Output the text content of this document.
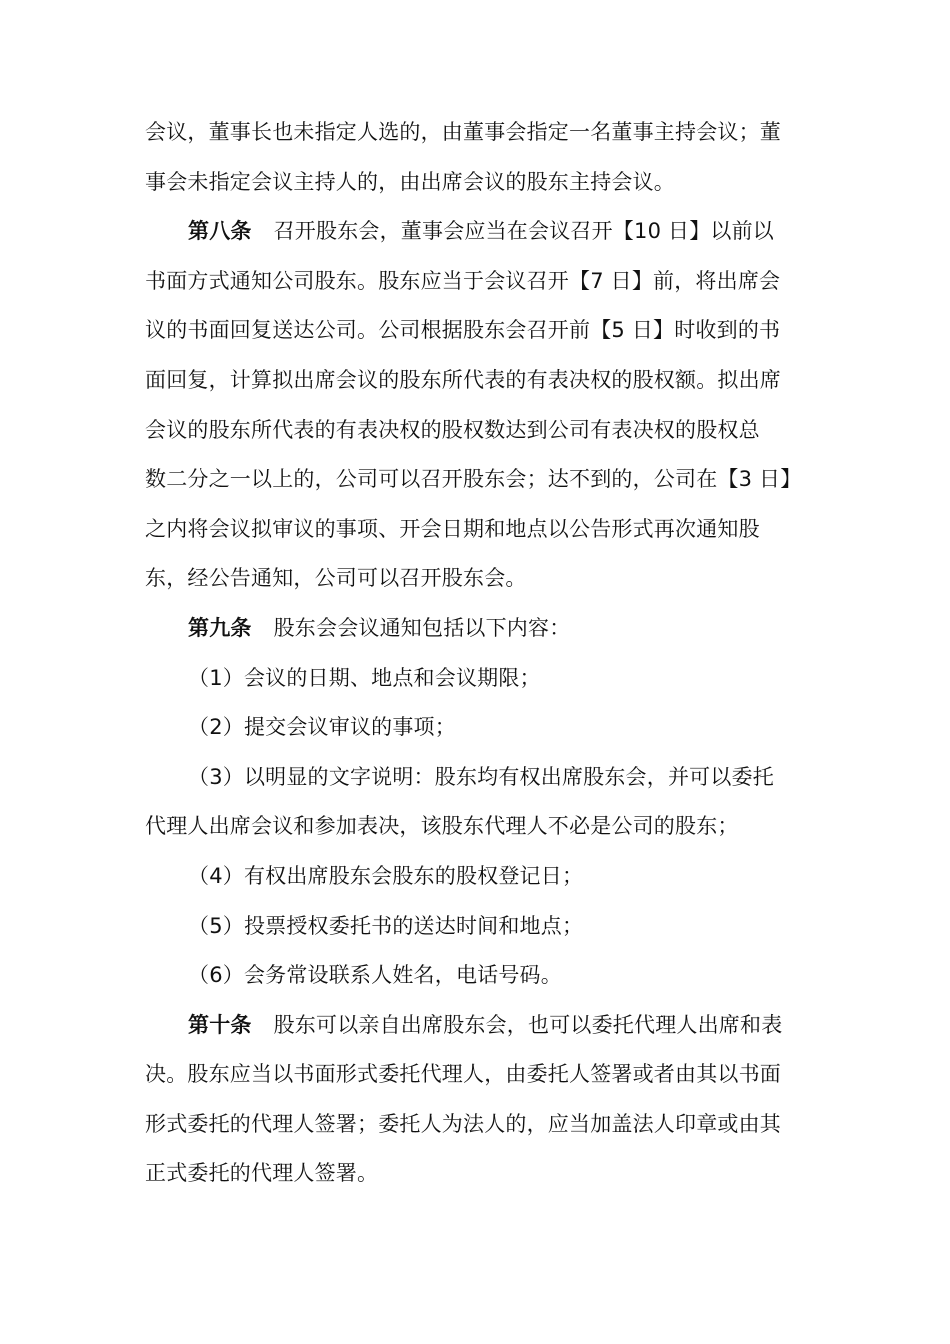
会议，董事长也未指定人选的，由董事会指定一名董事主持会议；董
事会未指定会议主持人的，由出席会议的股东主持会议。
第八条 召开股东会，董事会应当在会议召开【10 日】以前以
书面方式通知公司股东。股东应当于会议召开【7 日】前，将出席会
议的书面回复送达公司。公司根据股东会召开前【5 日】时收到的书
面回复，计算拟出席会议的股东所代表的有表决权的股权额。拟出席
会议的股东所代表的有表决权的股权数达到公司有表决权的股权总
数二分之一以上的，公司可以召开股东会；达不到的，公司在【3 日】
之内将会议拟审议的事项、开会日期和地点以公告形式再次通知股
东，经公告通知，公司可以召开股东会。
第九条 股东会会议通知包括以下内容：
（1）会议的日期、地点和会议期限；
（2）提交会议审议的事项；
（3）以明显的文字说明：股东均有权出席股东会，并可以委托
代理人出席会议和参加表决，该股东代理人不必是公司的股东；
（4）有权出席股东会股东的股权登记日；
（5）投票授权委托书的送达时间和地点；
（6）会务常设联系人姓名，电话号码。
第十条 股东可以亲自出席股东会，也可以委托代理人出席和表
决。股东应当以书面形式委托代理人，由委托人签署或者由其以书面
形式委托的代理人签署；委托人为法人的，应当加盖法人印章或由其
正式委托的代理人签署。
